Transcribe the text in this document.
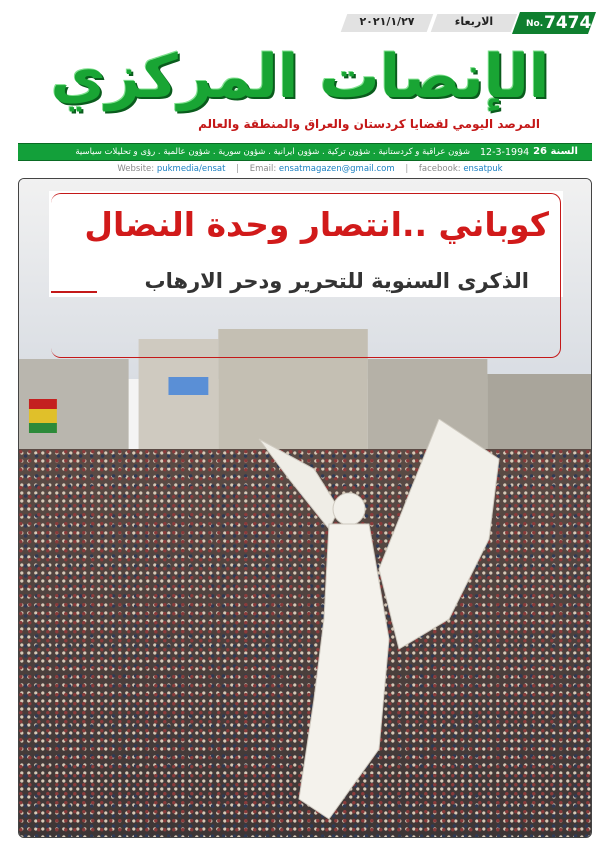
٢٠٢١/١/٢٧	الاربعاء	No. 7474
الإنصات المركزي
المرصد اليومي لقضايا كردستان والعراق والمنطقة والعالم
شؤون عراقية و كردستانية . شؤون تركية . شؤون ايرانية . شؤون سورية . شؤون عالمية . رؤى و تحليلات سياسية 12-3-1994 السنة 26
Website: pukmedia/ensat | Email: ensatmagazen@gmail.com | facebook: ensatpuk
كوباني ..انتصار وحدة النضال
الذكرى السنوية للتحرير ودحر الارهاب
